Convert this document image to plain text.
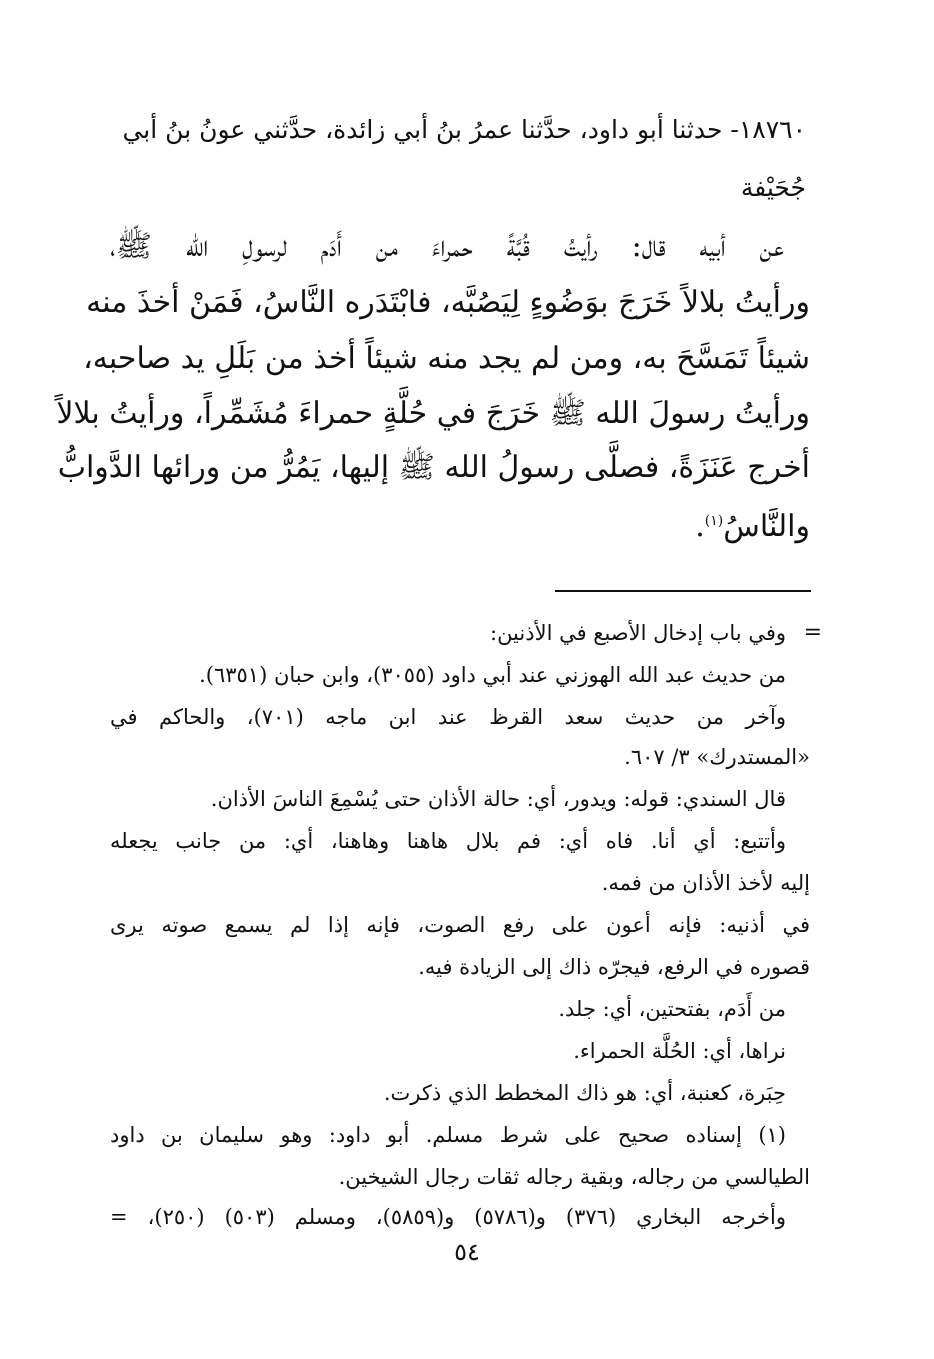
١٨٧٦٠- حدثنا أبو داود، حدَّثنا عمرُ بنُ أبي زائدة، حدَّثني عونُ بنُ أبي
جُحَيْفة
عن أبيه قال: رأيتُ قُبَّةً حمراءَ من أَدَم لرسولِ الله ﷺ،
ورأيتُ بلالاً خَرَجَ بوَضُوءٍ لِيَصُبَّه، فابْتَدَره النَّاسُ، فَمَنْ أخذَ منه
شيئاً تَمَسَّحَ به، ومن لم يجد منه شيئاً أخذ من بَلَلِ يد صاحبه،
ورأيتُ رسولَ الله ﷺ خَرَجَ في حُلَّةٍ حمراءَ مُشَمِّراً، ورأيتُ بلالاً
أخرج عَنَزَةً، فصلَّى رسولُ الله ﷺ إليها، يَمُرُّ من ورائها الدَّوابُّ
والنَّاسُ$^{(١)}$.
=
وفي باب إدخال الأصبع في الأذنين:
من حديث عبد الله الهوزني عند أبي داود (٣٠٥٥)، وابن حبان (٦٣٥١).
وآخر من حديث سعد القرظ عند ابن ماجه (٧٠١)، والحاكم في
«المستدرك» ٣/ ٦٠٧.
قال السندي: قوله: ويدور، أي: حالة الأذان حتى يُسْمِعَ الناسَ الأذان.
وأتتبع: أي أنا. فاه أي: فم بلال هاهنا وهاهنا، أي: من جانب يجعله
إليه لأخذ الأذان من فمه.
في أذنيه: فإنه أعون على رفع الصوت، فإنه إذا لم يسمع صوته يرى
قصوره في الرفع، فيجرّه ذاك إلى الزيادة فيه.
من أَدَم، بفتحتين، أي: جلد.
نراها، أي: الحُلَّة الحمراء.
حِبَرة، كعنبة، أي: هو ذاك المخطط الذي ذكرت.
(١) إسناده صحيح على شرط مسلم. أبو داود: وهو سليمان بن داود
الطيالسي من رجاله، وبقية رجاله ثقات رجال الشيخين.
وأخرجه البخاري (٣٧٦) و(٥٧٨٦) و(٥٨٥٩)، ومسلم (٥٠٣) (٢٥٠)، =
٥٤
